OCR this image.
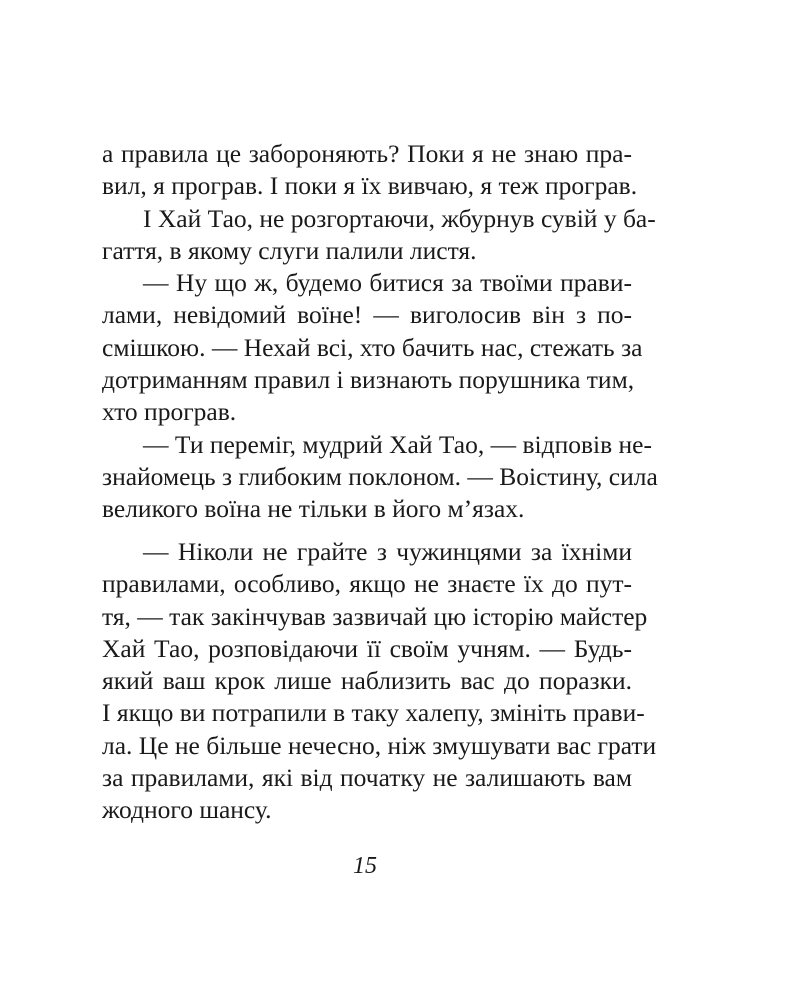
а правила це забороняють? Поки я не знаю пра-
вил, я програв. І поки я їх вивчаю, я теж програв.
І Хай Тао, не розгортаючи, жбурнув сувій у ба-
гаття, в якому слуги палили листя.
— Ну що ж, будемо битися за твоїми прави-
лами, невідомий воїне! — виголосив він з по-
смішкою. — Нехай всі, хто бачить нас, стежать за
дотриманням правил і визнають порушника тим,
хто програв.
— Ти переміг, мудрий Хай Тао, — відповів не-
знайомець з глибоким поклоном. — Воістину, сила
великого воїна не тільки в його м’язах.
— Ніколи не грайте з чужинцями за їхніми
правилами, особливо, якщо не знаєте їх до пут-
тя, — так закінчував зазвичай цю історію майстер
Хай Тао, розповідаючи її своїм учням. — Будь-
який ваш крок лише наблизить вас до поразки.
І якщо ви потрапили в таку халепу, змініть прави-
ла. Це не більше нечесно, ніж змушувати вас грати
за правилами, які від початку не залишають вам
жодного шансу.
15
